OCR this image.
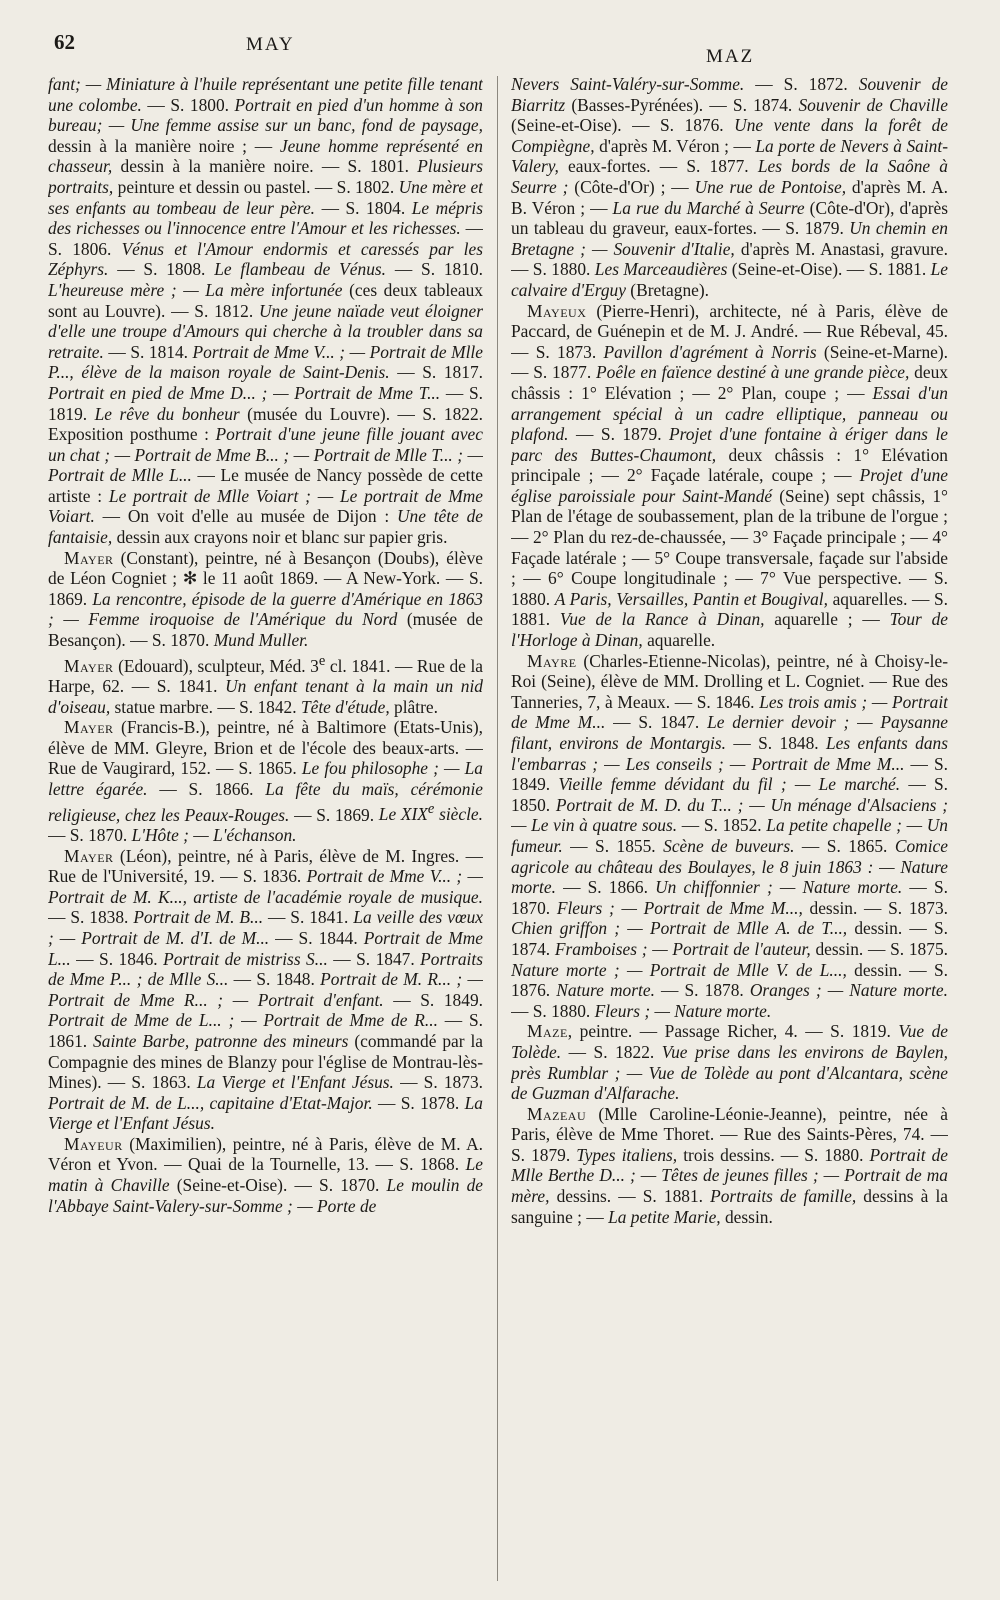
62	MAY
MAZ

fant; — Miniature à l'huile représentant une petite fille tenant une colombe. — S. 1800. Portrait en pied d'un homme à son bureau; — Une femme assise sur un banc, fond de paysage, dessin à la manière noire ; — Jeune homme représenté en chasseur, dessin à la manière noire. — S. 1801. Plusieurs portraits, peinture et dessin ou pastel. — S. 1802. Une mère et ses enfants au tombeau de leur père. — S. 1804. Le mépris des richesses ou l'innocence entre l'Amour et les richesses. — S. 1806. Vénus et l'Amour endormis et caressés par les Zéphyrs. — S. 1808. Le flambeau de Vénus. — S. 1810. L'heureuse mère ; — La mère infortunée (ces deux tableaux sont au Louvre). — S. 1812. Une jeune naïade veut éloigner d'elle une troupe d'Amours qui cherche à la troubler dans sa retraite. — S. 1814. Portrait de Mme V... ; — Portrait de Mlle P..., élève de la maison royale de Saint-Denis. — S. 1817. Portrait en pied de Mme D... ; — Portrait de Mme T... — S. 1819. Le rêve du bonheur (musée du Louvre). — S. 1822. Exposition posthume : Portrait d'une jeune fille jouant avec un chat ; — Portrait de Mme B... ; — Portrait de Mlle T... ; — Portrait de Mlle L... — Le musée de Nancy possède de cette artiste : Le portrait de Mlle Voiart ; — Le portrait de Mme Voiart. — On voit d'elle au musée de Dijon : Une tête de fantaisie, dessin aux crayons noir et blanc sur papier gris.

Mayer (Constant), peintre, né à Besançon (Doubs), élève de Léon Cogniet ; ✻ le 11 août 1869. — A New-York. — S. 1869. La rencontre, épisode de la guerre d'Amérique en 1863 ; — Femme iroquoise de l'Amérique du Nord (musée de Besançon). — S. 1870. Mund Muller.

Mayer (Edouard), sculpteur, Méd. 3e cl. 1841. — Rue de la Harpe, 62. — S. 1841. Un enfant tenant à la main un nid d'oiseau, statue marbre. — S. 1842. Tête d'étude, plâtre.

Mayer (Francis-B.), peintre, né à Baltimore (Etats-Unis), élève de MM. Gleyre, Brion et de l'école des beaux-arts. — Rue de Vaugirard, 152. — S. 1865. Le fou philosophe ; — La lettre égarée. — S. 1866. La fête du maïs, cérémonie religieuse, chez les Peaux-Rouges. — S. 1869. Le XIXe siècle. — S. 1870. L'Hôte ; — L'échanson.

Mayer (Léon), peintre, né à Paris, élève de M. Ingres. — Rue de l'Université, 19. — S. 1836. Portrait de Mme V... ; — Portrait de M. K..., artiste de l'académie royale de musique. — S. 1838. Portrait de M. B... — S. 1841. La veille des vœux ; — Portrait de M. d'I. de M... — S. 1844. Portrait de Mme L... — S. 1846. Portrait de mistriss S... — S. 1847. Portraits de Mme P... ; de Mlle S... — S. 1848. Portrait de M. R... ; — Portrait de Mme R... ; — Portrait d'enfant. — S. 1849. Portrait de Mme de L... ; — Portrait de Mme de R... — S. 1861. Sainte Barbe, patronne des mineurs (commandé par la Compagnie des mines de Blanzy pour l'église de Montrau-lès-Mines). — S. 1863. La Vierge et l'Enfant Jésus. — S. 1873. Portrait de M. de L..., capitaine d'Etat-Major. — S. 1878. La Vierge et l'Enfant Jésus.

Mayeur (Maximilien), peintre, né à Paris, élève de M. A. Véron et Yvon. — Quai de la Tournelle, 13. — S. 1868. Le matin à Chaville (Seine-et-Oise). — S. 1870. Le moulin de l'Abbaye Saint-Valery-sur-Somme ; — Porte de

Nevers Saint-Valéry-sur-Somme. — S. 1872. Souvenir de Biarritz (Basses-Pyrénées). — S. 1874. Souvenir de Chaville (Seine-et-Oise). — S. 1876. Une vente dans la forêt de Compiègne, d'après M. Véron ; — La porte de Nevers à Saint-Valery, eaux-fortes. — S. 1877. Les bords de la Saône à Seurre ; (Côte-d'Or) ; — Une rue de Pontoise, d'après M. A. B. Véron ; — La rue du Marché à Seurre (Côte-d'Or), d'après un tableau du graveur, eaux-fortes. — S. 1879. Un chemin en Bretagne ; — Souvenir d'Italie, d'après M. Anastasi, gravure. — S. 1880. Les Marceaudières (Seine-et-Oise). — S. 1881. Le calvaire d'Erguy (Bretagne).

Mayeux (Pierre-Henri), architecte, né à Paris, élève de Paccard, de Guénepin et de M. J. André. — Rue Rébeval, 45. — S. 1873. Pavillon d'agrément à Norris (Seine-et-Marne). — S. 1877. Poêle en faïence destiné à une grande pièce, deux châssis : 1° Elévation ; — 2° Plan, coupe ; — Essai d'un arrangement spécial à un cadre elliptique, panneau ou plafond. — S. 1879. Projet d'une fontaine à ériger dans le parc des Buttes-Chaumont, deux châssis : 1° Elévation principale ; — 2° Façade latérale, coupe ; — Projet d'une église paroissiale pour Saint-Mandé (Seine) sept châssis, 1° Plan de l'étage de soubassement, plan de la tribune de l'orgue ; — 2° Plan du rez-de-chaussée, — 3° Façade principale ; — 4° Façade latérale ; — 5° Coupe transversale, façade sur l'abside ; — 6° Coupe longitudinale ; — 7° Vue perspective. — S. 1880. A Paris, Versailles, Pantin et Bougival, aquarelles. — S. 1881. Vue de la Rance à Dinan, aquarelle ; — Tour de l'Horloge à Dinan, aquarelle.

Mayre (Charles-Etienne-Nicolas), peintre, né à Choisy-le-Roi (Seine), élève de MM. Drolling et L. Cogniet. — Rue des Tanneries, 7, à Meaux. — S. 1846. Les trois amis ; — Portrait de Mme M... — S. 1847. Le dernier devoir ; — Paysanne filant, environs de Montargis. — S. 1848. Les enfants dans l'embarras ; — Les conseils ; — Portrait de Mme M... — S. 1849. Vieille femme dévidant du fil ; — Le marché. — S. 1850. Portrait de M. D. du T... ; — Un ménage d'Alsaciens ; — Le vin à quatre sous. — S. 1852. La petite chapelle ; — Un fumeur. — S. 1855. Scène de buveurs. — S. 1865. Comice agricole au château des Boulayes, le 8 juin 1863 : — Nature morte. — S. 1866. Un chiffonnier ; — Nature morte. — S. 1870. Fleurs ; — Portrait de Mme M..., dessin. — S. 1873. Chien griffon ; — Portrait de Mlle A. de T..., dessin. — S. 1874. Framboises ; — Portrait de l'auteur, dessin. — S. 1875. Nature morte ; — Portrait de Mlle V. de L..., dessin. — S. 1876. Nature morte. — S. 1878. Oranges ; — Nature morte. — S. 1880. Fleurs ; — Nature morte.

Maze, peintre. — Passage Richer, 4. — S. 1819. Vue de Tolède. — S. 1822. Vue prise dans les environs de Baylen, près Rumblar ; — Vue de Tolède au pont d'Alcantara, scène de Guzman d'Alfarache.

Mazeau (Mlle Caroline-Léonie-Jeanne), peintre, née à Paris, élève de Mme Thoret. — Rue des Saints-Pères, 74. — S. 1879. Types italiens, trois dessins. — S. 1880. Portrait de Mlle Berthe D... ; — Têtes de jeunes filles ; — Portrait de ma mère, dessins. — S. 1881. Portraits de famille, dessins à la sanguine ; — La petite Marie, dessin.
